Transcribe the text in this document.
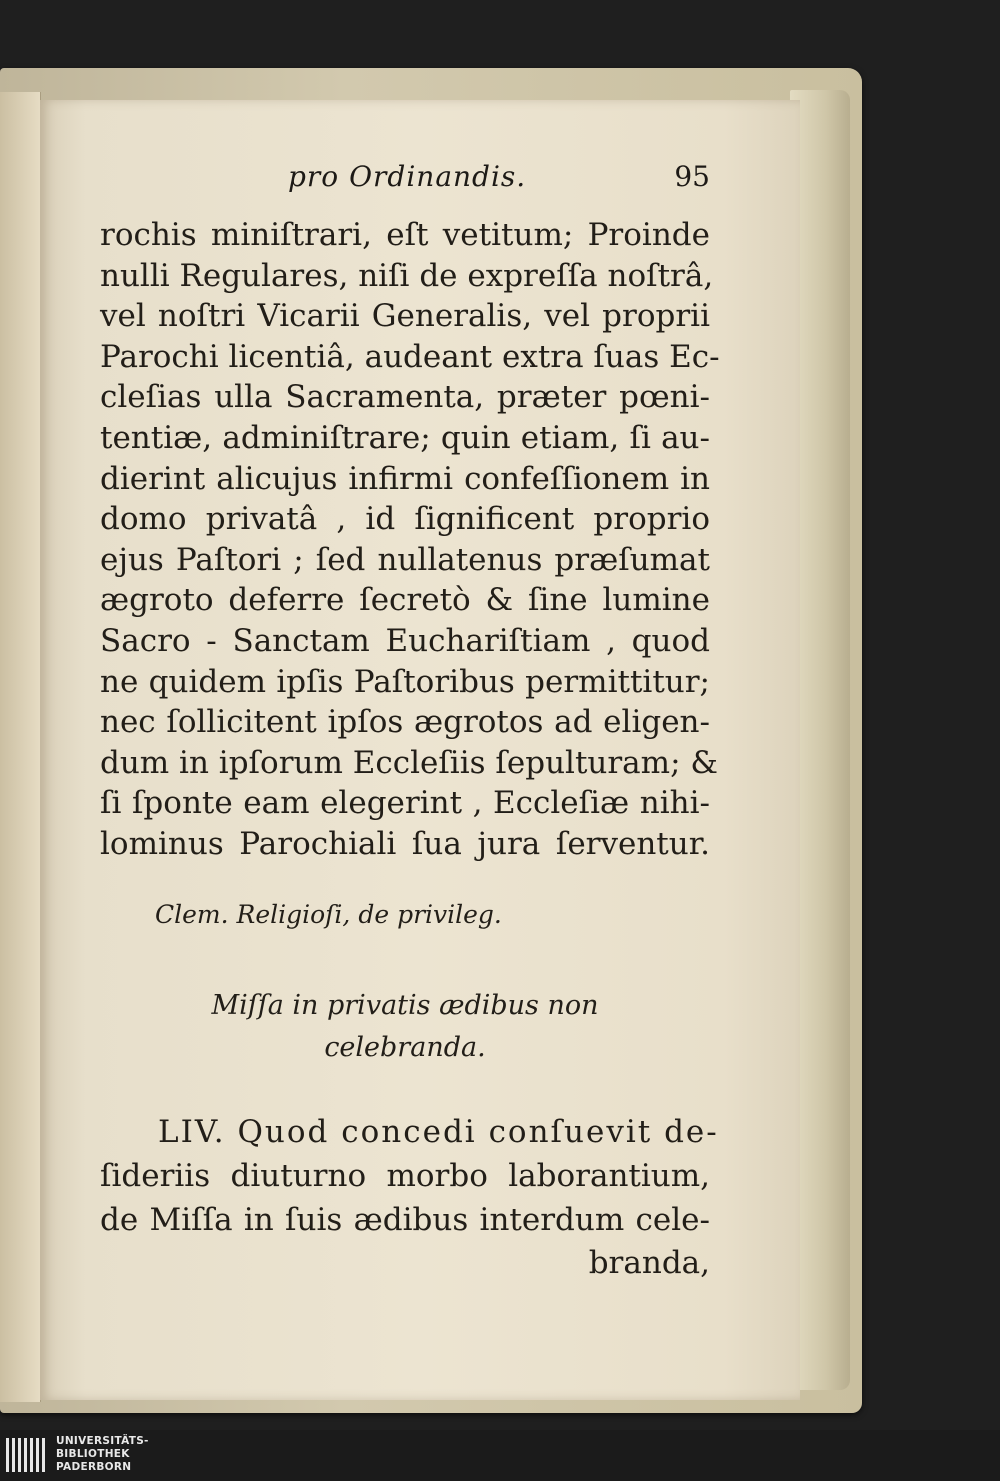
pro Ordinandis.	95
rochis miniſtrari, eſt vetitum; Proinde
nulli Regulares, niſi de expreſſa noſtrâ,
vel noſtri Vicarii Generalis, vel proprii
Parochi licentiâ, audeant extra ſuas Ec-
cleſias ulla Sacramenta, præter pœni-
tentiæ, adminiſtrare; quin etiam, ſi au-
dierint alicujus infirmi confeſſionem in
domo privatâ , id ſignificent proprio
ejus Paſtori ; ſed nullatenus præſumat
ægroto deferre ſecretò & ſine lumine
Sacro - Sanctam Euchariſtiam , quod
ne quidem ipſis Paſtoribus permittitur;
nec ſollicitent ipſos ægrotos ad eligen-
dum in ipſorum Eccleſiis ſepulturam; &
ſi ſponte eam elegerint , Eccleſiæ nihi-
lominus Parochiali ſua jura ſerventur.
Clem. Religioſi, de privileg.
Miſſa in privatis ædibus non
celebranda.
LIV. Quod concedi conſuevit de-
ſideriis diuturno morbo laborantium,
de Miſſa in ſuis ædibus interdum cele-
branda,
UNIVERSITÄTS-
BIBLIOTHEK
PADERBORN
